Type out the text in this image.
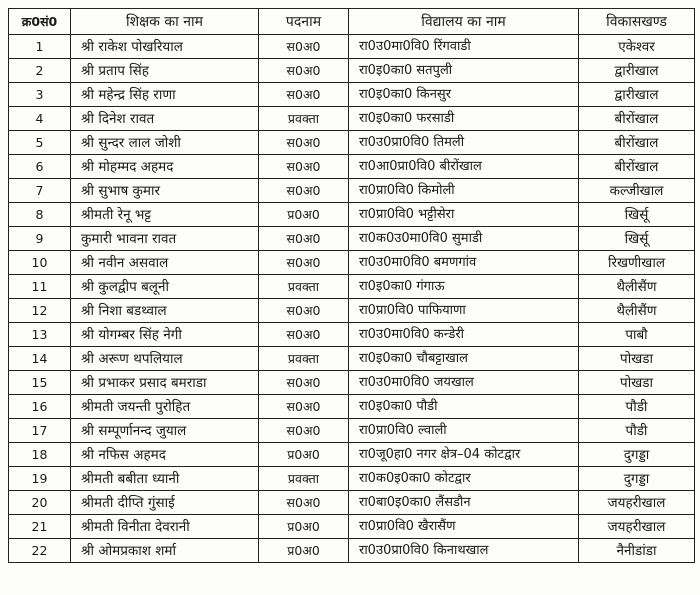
क्र0सं0	शिक्षक का नाम	पदनाम	विद्यालय का नाम	विकासखण्ड
1	श्री राकेश पोखरियाल	स0अ0	रा0उ0मा0वि0 रिंगवाडी	एकेश्वर
2	श्री प्रताप सिंह	स0अ0	रा0इ0का0 सतपुली	द्वारीखाल
3	श्री महेन्द्र सिंह राणा	स0अ0	रा0इ0का0 किनसुर	द्वारीखाल
4	श्री दिनेश रावत	प्रवक्ता	रा0इ0का0 फरसाडी	बीरोंखाल
5	श्री सुन्दर लाल जोशी	स0अ0	रा0उ0प्रा0वि0 तिमली	बीरोंखाल
6	श्री मोहम्मद अहमद	स0अ0	रा0आ0प्रा0वि0 बीरोंखाल	बीरोंखाल
7	श्री सुभाष कुमार	स0अ0	रा0प्रा0वि0 किमोली	कल्जीखाल
8	श्रीमती रेनू भट्ट	प्र0अ0	रा0प्रा0वि0 भट्टीसेरा	खिर्सू
9	कुमारी भावना रावत	स0अ0	रा0क0उ0मा0वि0 सुमाडी	खिर्सू
10	श्री नवीन असवाल	स0अ0	रा0उ0मा0वि0 बमणगांव	रिखणीखाल
11	श्री कुलद्वीप बलूनी	प्रवक्ता	रा0इ0का0 गंगाऊ	थैलीसैंण
12	श्री निशा बडथ्वाल	स0अ0	रा0प्रा0वि0 पाफियाणा	थैलीसैंण
13	श्री योगम्बर सिंह नेगी	स0अ0	रा0उ0मा0वि0 कन्डेरी	पाबौ
14	श्री अरूण थपलियाल	प्रवक्ता	रा0इ0का0 चौबट्टाखाल	पोखडा
15	श्री प्रभाकर प्रसाद बमराडा	स0अ0	रा0उ0मा0वि0 जयखाल	पोखडा
16	श्रीमती जयन्ती पुरोहित	स0अ0	रा0इ0का0 पौडी	पौडी
17	श्री सम्पूर्णानन्द जुयाल	स0अ0	रा0प्रा0वि0 ल्वाली	पौडी
18	श्री नफिस अहमद	प्र0अ0	रा0जू0हा0 नगर क्षेत्र–04 कोटद्वार	दुगड्डा
19	श्रीमती बबीता ध्यानी	प्रवक्ता	रा0क0इ0का0 कोटद्वार	दुगड्डा
20	श्रीमती दीप्ति गुंसाई	स0अ0	रा0बा0इ0का0 लैंसडौन	जयहरीखाल
21	श्रीमती विनीता देवरानी	प्र0अ0	रा0प्रा0वि0 खैरासैंण	जयहरीखाल
22	श्री ओमप्रकाश शर्मा	प्र0अ0	रा0उ0प्रा0वि0 किनाथखाल	नैनीडांडा
